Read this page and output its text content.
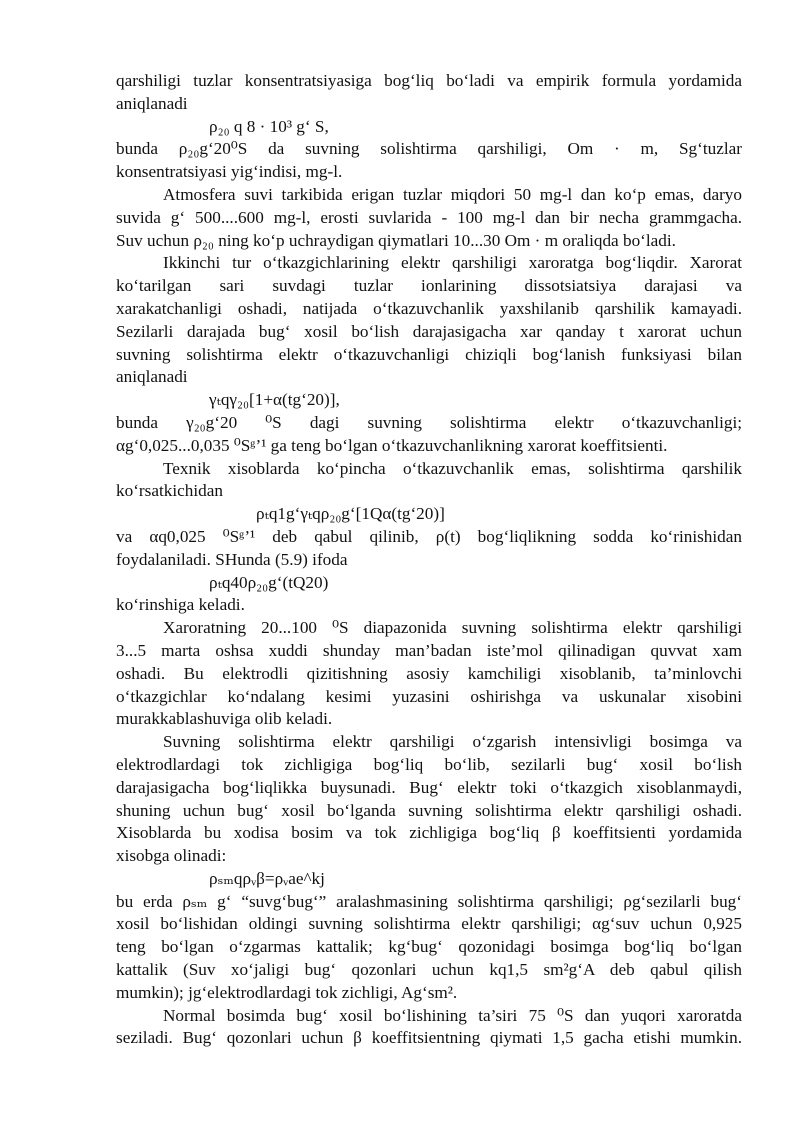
qarshiligi tuzlar konsentratsiyasiga bog‘liq bo‘ladi va empirik formula yordamida
aniqlanadi
ρ₂₀ q 8 · 10³ g‘ S,
bunda ρ₂₀g‘20⁰S da suvning solishtirma qarshiligi, Om · m, Sg‘tuzlar
konsentratsiyasi yig‘indisi, mg-l.
Atmosfera suvi tarkibida erigan tuzlar miqdori 50 mg-l dan ko‘p emas, daryo
suvida g‘ 500....600 mg-l, erosti suvlarida - 100 mg-l dan bir necha grammgacha.
Suv uchun ρ₂₀ ning ko‘p uchraydigan qiymatlari 10...30 Om · m oraliqda bo‘ladi.
Ikkinchi tur o‘tkazgichlarining elektr qarshiligi xaroratga bog‘liqdir. Xarorat
ko‘tarilgan sari suvdagi tuzlar ionlarining dissotsiatsiya darajasi va
xarakatchanligi oshadi, natijada o‘tkazuvchanlik yaxshilanib qarshilik kamayadi.
Sezilarli darajada bug‘ xosil bo‘lish darajasigacha xar qanday t xarorat uchun
suvning solishtirma elektr o‘tkazuvchanligi chiziqli bog‘lanish funksiyasi bilan
aniqlanadi
γₜqγ₂₀[1+α(tg‘20)],
bunda γ₂₀g‘20 ⁰S dagi suvning solishtirma elektr o‘tkazuvchanligi;
αg‘0,025...0,035 ⁰Sᵍ’¹ ga teng bo‘lgan o‘tkazuvchanlikning xarorat koeffitsienti.
Texnik xisoblarda ko‘pincha o‘tkazuvchanlik emas, solishtirma qarshilik
ko‘rsatkichidan
ρₜq1g‘γₜqρ₂₀g‘[1Qα(tg‘20)]
va αq0,025 ⁰Sᵍ’¹ deb qabul qilinib, ρ(t) bog‘liqlikning sodda ko‘rinishidan
foydalaniladi. SHunda (5.9) ifoda
ρₜq40ρ₂₀g‘(tQ20)
ko‘rinshiga keladi.
Xaroratning 20...100 ⁰S diapazonida suvning solishtirma elektr qarshiligi
3...5 marta oshsa xuddi shunday man’badan iste’mol qilinadigan quvvat xam
oshadi. Bu elektrodli qizitishning asosiy kamchiligi xisoblanib, ta’minlovchi
o‘tkazgichlar ko‘ndalang kesimi yuzasini oshirishga va uskunalar xisobini
murakkablashuviga olib keladi.
Suvning solishtirma elektr qarshiligi o‘zgarish intensivligi bosimga va
elektrodlardagi tok zichligiga bog‘liq bo‘lib, sezilarli bug‘ xosil bo‘lish
darajasigacha bog‘liqlikka buysunadi. Bug‘ elektr toki o‘tkazgich xisoblanmaydi,
shuning uchun bug‘ xosil bo‘lganda suvning solishtirma elektr qarshiligi oshadi.
Xisoblarda bu xodisa bosim va tok zichligiga bog‘liq β koeffitsienti yordamida
xisobga olinadi:
ρₛₘqρᵥβ=ρᵥae^kj
bu erda ρₛₘ g‘ “suvg‘bug‘” aralashmasining solishtirma qarshiligi; ρg‘sezilarli bug‘
xosil bo‘lishidan oldingi suvning solishtirma elektr qarshiligi; αg‘suv uchun 0,925
teng bo‘lgan o‘zgarmas kattalik; kg‘bug‘ qozonidagi bosimga bog‘liq bo‘lgan
kattalik (Suv xo‘jaligi bug‘ qozonlari uchun kq1,5 sm²g‘A deb qabul qilish
mumkin); jg‘elektrodlardagi tok zichligi, Ag‘sm².
Normal bosimda bug‘ xosil bo‘lishining ta’siri 75 ⁰S dan yuqori xaroratda
seziladi. Bug‘ qozonlari uchun β koeffitsientning qiymati 1,5 gacha etishi mumkin.
